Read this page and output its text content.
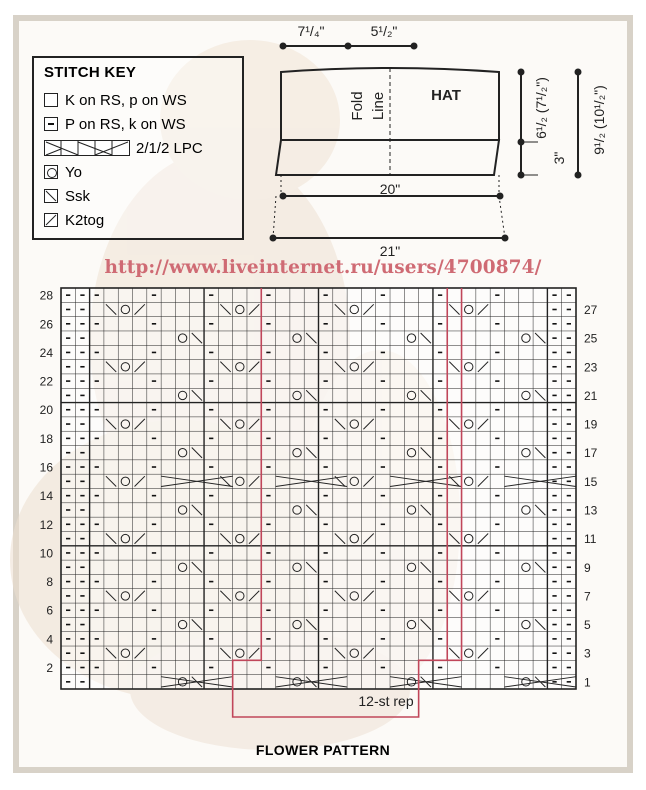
7¹/₄"	5¹/₂"
20"
21"
HAT
Fold Line	6¹/₂ (7¹/₂")
3"
9¹/₂ (10¹/₂")
28
26
24
22
20
18
16
14
12
10
8
6
4
2
27
25
23
21
19
17
15
13
11
9
7
5
3
1
12-st rep
STITCH KEY
K on RS, p on WS
P on RS, k on WS
2/1/2 LPC
Yo
Ssk
K2tog
http://www.liveinternet.ru/users/4700874/
FLOWER PATTERN
